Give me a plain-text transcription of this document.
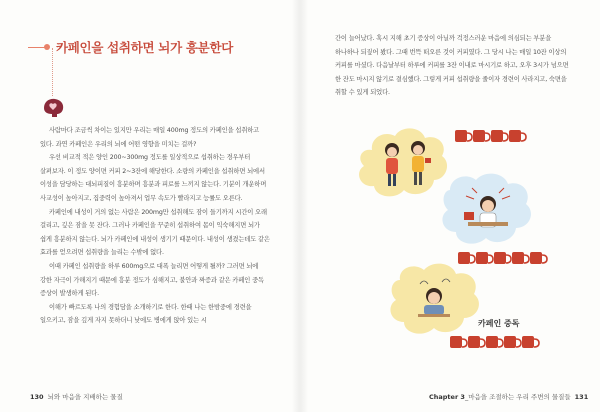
카페인을 섭취하면 뇌가 흥분한다

사람마다 조금씩 차이는 있지만 우리는 매일 400mg 정도의 카페인을 섭취하고 있다. 과연 카페인은 우리의 뇌에 어떤 영향을 미치는 걸까?

우선 비교적 적은 양인 200~300mg 정도를 일상적으로 섭취하는 경우부터 살펴보자. 이 정도 양이면 커피 2~3잔에 해당한다. 소량의 카페인을 섭취하면 뇌에서 이성을 담당하는 대뇌피질이 흥분하며 흥분과 피로를 느끼지 않는다. 기분이 개운하며 사교성이 높아지고, 집중력이 높아져서 업무 속도가 빨라지고 능률도 오른다.

카페인에 내성이 거의 없는 사람은 200mg만 섭취해도 잠이 들기까지 시간이 오래 걸리고, 깊은 잠을 못 잔다. 그러나 카페인을 꾸준히 섭취하여 몸이 익숙해지면 뇌가 쉽게 흥분하지 않는다. 뇌가 카페인에 내성이 생기기 때문이다. 내성이 생겼는데도 같은 효과를 얻으려면 섭취량을 늘리는 수밖에 없다.

이때 카페인 섭취량을 하루 600mg으로 대폭 늘리면 어떻게 될까? 그러면 뇌에 강한 자극이 가해지기 때문에 흥분 정도가 심해지고, 불안과 짜증과 같은 카페인 중독 증상이 발생하게 된다.

이해가 빠르도록 나의 경험담을 소개하기로 한다. 한때 나는 한밤중에 경련을 일으키고, 잠을 깊게 자지 못하더니 낮에도 병에게 앉아 있는 시

130 뇌와 마음을 지배하는 물질

간이 늘어났다. 혹시 지해 초기 증상이 아닐까 걱정스러운 마음에 의심되는 부분을 하나하나 되짚어 봤다. 그때 번뜩 떠오른 것이 커피였다. 그 당시 나는 매일 10잔 이상의 커피를 마셨다. 다음날부터 하루에 커피를 3잔 이내로 마시기로 하고, 오후 3시가 넘으면 한 잔도 마시지 않기로 결심했다. 그렇게 커피 섭취량을 줄이자 경련이 사라지고, 숙면을 취할 수 있게 되었다.

카페인 중독
Chapter 3_마음을 조절하는 우리 주변의 물질들 131
